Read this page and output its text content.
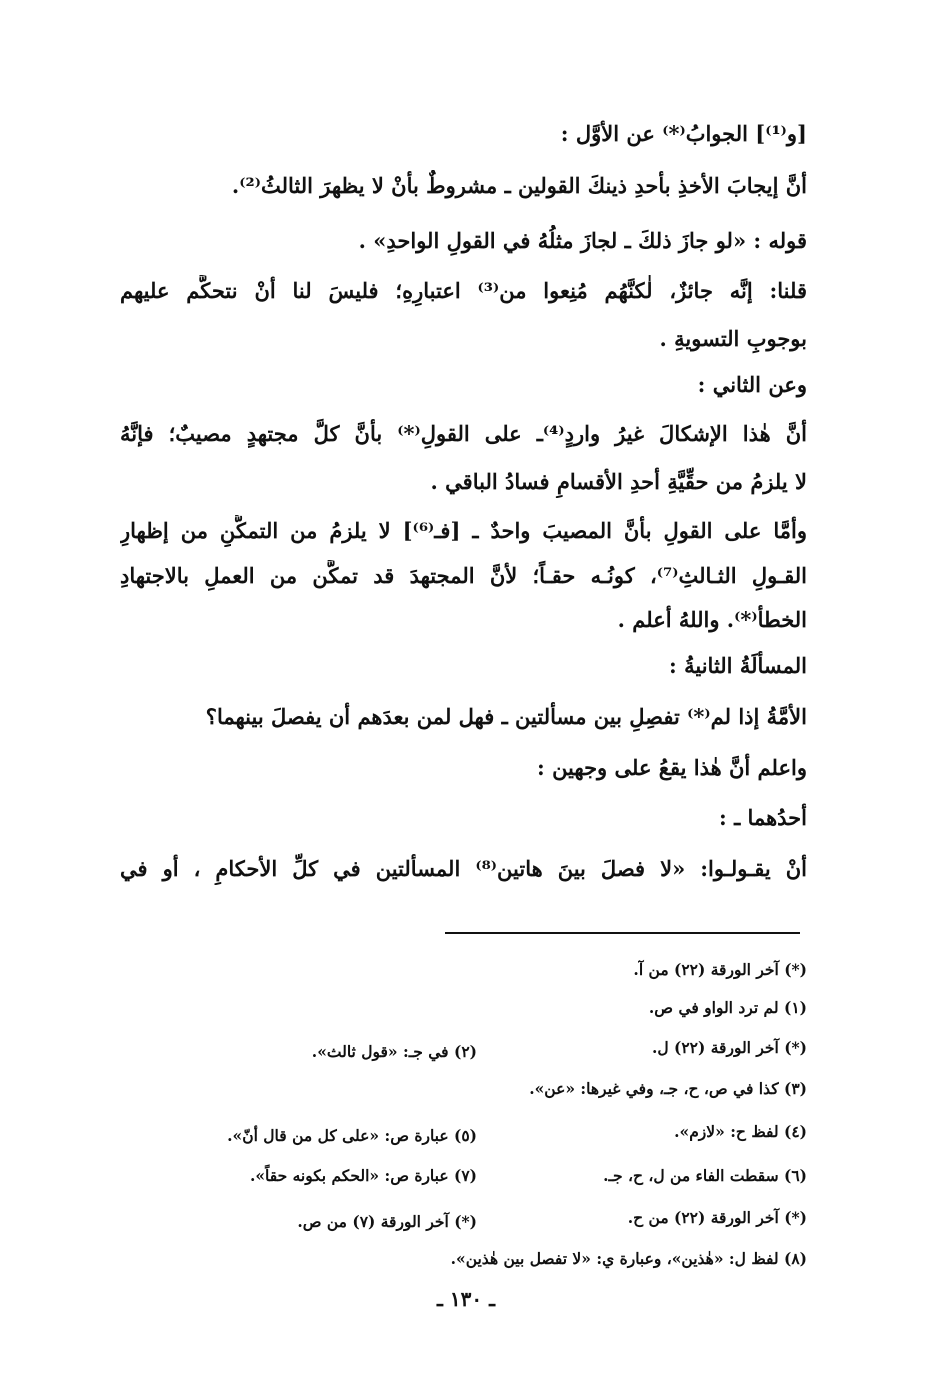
[و⁽¹⁾] الجوابُ⁽*⁾ عن الأوَّل :
أنَّ إيجابَ الأخذِ بأحدِ ذينكَ القولين ـ مشروطٌ بأنْ لا يظهرَ الثالثُ⁽²⁾.
قوله : «لو جازَ ذلكَ ـ لجازَ مثلُهُ في القولِ الواحدِ» .
قلنا: إنَّه جائزٌ، لٰكنَّهُم مُنِعوا من⁽³⁾ اعتبارِهِ؛ فليسَ لنا أنْ نتحكَّم عليهم
بوجوبِ التسويةِ .
وعن الثاني :
أنَّ هٰذا الإشكالَ غيرُ واردٍ⁽⁴⁾ـ على القولِ⁽*⁾ بأنَّ كلَّ مجتهدٍ مصيبٌ؛ فإنَّهُ
لا يلزمُ من حقِّيَّةِ أحدِ الأقسامِ فسادُ الباقي .
وأمَّا على القولِ بأنَّ المصيبَ واحدٌ ـ [فـ⁽⁶⁾] لا يلزمُ من التمكُّنِ من إظهارِ
القـولِ الثـالثِ⁽⁷⁾، كونُـه حقـاً؛ لأنَّ المجتهدَ قد تمكَّن من العملِ بالاجتهادِ
الخطأ⁽*⁾. واللهُ أعلم .
المسألَةُ الثانيةُ :
الأمَّةُ إذا لم⁽*⁾ تفصِلِ بين مسألتين ـ فهل لمن بعدَهم أن يفصلَ بينهما؟
واعلم أنَّ هٰذا يقعُ على وجهين :
أحدُهما ـ :
أنْ يقـولـوا: «لا فصلَ بينَ هاتين⁽⁸⁾ المسألتين في كلِّ الأحكامِ ، أو في
(*) آخر الورقة (٢٢) من آ.
(١) لم ترد الواو في ص.
(*) آخر الورقة (٢٢) ل.
(٢) في جـ: «قول ثالث».
(٣) كذا في ص، ح، جـ، وفي غيرها: «عن».
(٤) لفظ ح: «لازم».
(٥) عبارة ص: «على كل من قال أنّ».
(٦) سقطت الفاء من ل، ح، جـ.
(٧) عبارة ص: «الحكم بكونه حقاً».
(*) آخر الورقة (٢٢) من ح.
(*) آخر الورقة (٧) من ص.
(٨) لفظ ل: «هٰذين»، وعبارة ي: «لا تفصل بين هٰذين».
ـ ١٣٠ ـ
